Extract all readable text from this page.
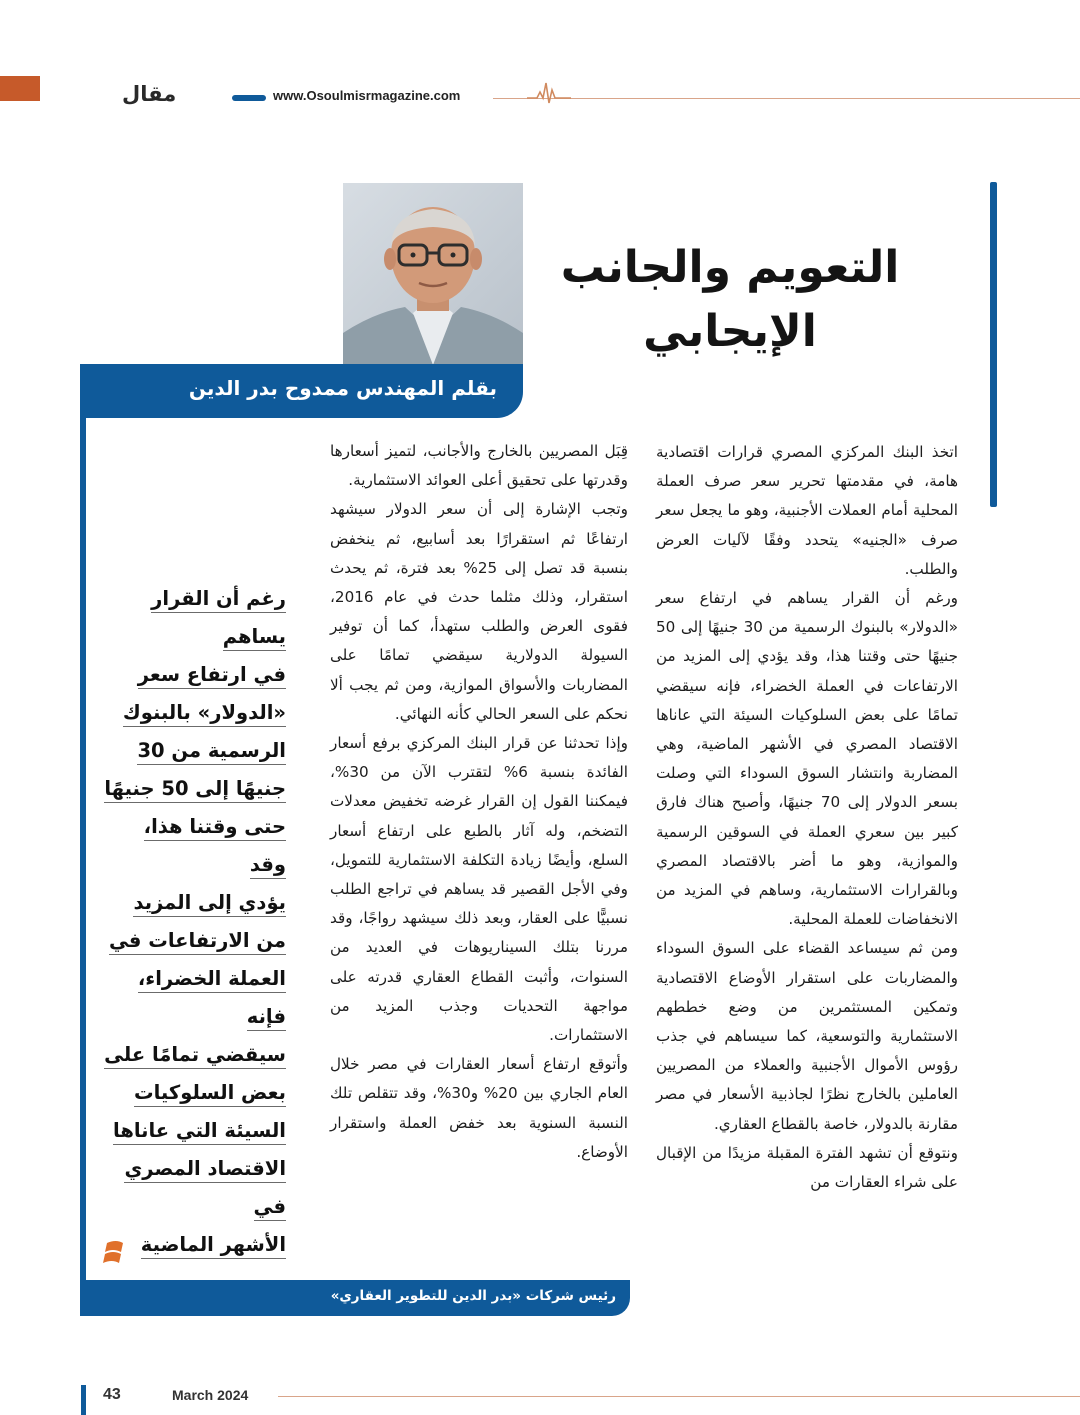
مقال	www.Osoulmisrmagazine.com
التعويم والجانب الإيجابي
بقلم المهندس ممدوح بدر الدين
رغم أن القرار يساهم
في ارتفاع سعر
«الدولار» بالبنوك
الرسمية من 30
جنيهًا إلى 50 جنيهًا
حتى وقتنا هذا، وقد
يؤدي إلى المزيد
من الارتفاعات في
العملة الخضراء، فإنه
سيقضي تمامًا على
بعض السلوكيات
السيئة التي عاناها
الاقتصاد المصري في
الأشهر الماضية

اتخذ البنك المركزي المصري قرارات اقتصادية هامة، في مقدمتها تحرير سعر صرف العملة المحلية أمام العملات الأجنبية، وهو ما يجعل سعر صرف «الجنيه» يتحدد وفقًا لآليات العرض والطلب.

ورغم أن القرار يساهم في ارتفاع سعر «الدولار» بالبنوك الرسمية من 30 جنيهًا إلى 50 جنيهًا حتى وقتنا هذا، وقد يؤدي إلى المزيد من الارتفاعات في العملة الخضراء، فإنه سيقضي تمامًا على بعض السلوكيات السيئة التي عاناها الاقتصاد المصري في الأشهر الماضية، وهي المضاربة وانتشار السوق السوداء التي وصلت بسعر الدولار إلى 70 جنيهًا، وأصبح هناك فارق كبير بين سعري العملة في السوقين الرسمية والموازية، وهو ما أضر بالاقتصاد المصري وبالقرارات الاستثمارية، وساهم في المزيد من الانخفاضات للعملة المحلية.

ومن ثم سيساعد القضاء على السوق السوداء والمضاربات على استقرار الأوضاع الاقتصادية وتمكين المستثمرين من وضع خططهم الاستثمارية والتوسعية، كما سيساهم في جذب رؤوس الأموال الأجنبية والعملاء من المصريين العاملين بالخارج نظرًا لجاذبية الأسعار في مصر مقارنة بالدولار، خاصة بالقطاع العقاري.

ونتوقع أن تشهد الفترة المقبلة مزيدًا من الإقبال على شراء العقارات من

قِبَل المصريين بالخارج والأجانب، لتميز أسعارها وقدرتها على تحقيق أعلى العوائد الاستثمارية.

وتجب الإشارة إلى أن سعر الدولار سيشهد ارتفاعًا ثم استقرارًا بعد أسابيع، ثم ينخفض بنسبة قد تصل إلى 25% بعد فترة، ثم يحدث استقرار، وذلك مثلما حدث في عام 2016، فقوى العرض والطلب ستهدأ، كما أن توفير السيولة الدولارية سيقضي تمامًا على المضاربات والأسواق الموازية، ومن ثم يجب ألا نحكم على السعر الحالي كأنه النهائي.

وإذا تحدثنا عن قرار البنك المركزي برفع أسعار الفائدة بنسبة 6% لتقترب الآن من 30%، فيمكننا القول إن القرار غرضه تخفيض معدلات التضخم، وله آثار بالطبع على ارتفاع أسعار السلع، وأيضًا زيادة التكلفة الاستثمارية للتمويل، وفي الأجل القصير قد يساهم في تراجع الطلب نسبيًّا على العقار، وبعد ذلك سيشهد رواجًا، وقد مررنا بتلك السيناريوهات في العديد من السنوات، وأثبت القطاع العقاري قدرته على مواجهة التحديات وجذب المزيد من الاستثمارات.

وأتوقع ارتفاع أسعار العقارات في مصر خلال العام الجاري بين 20% و30%، وقد تتقلص تلك النسبة السنوية بعد خفض العملة واستقرار الأوضاع.

رئيس شركات «بدر الدين للتطوير العقاري»
43	March 2024
